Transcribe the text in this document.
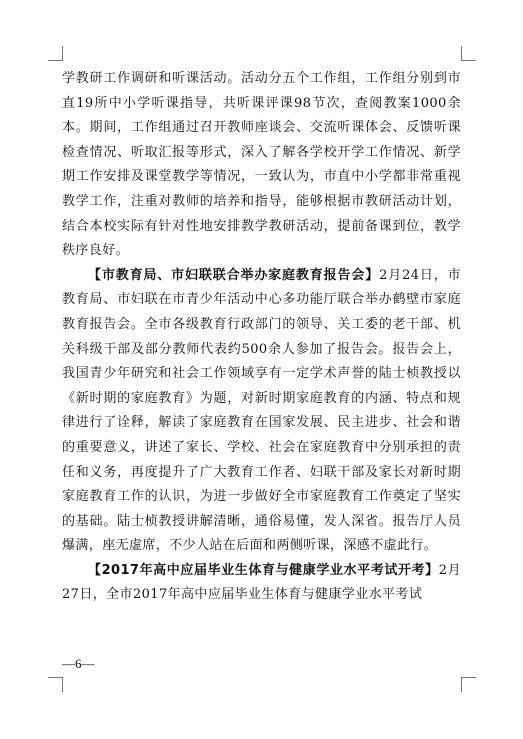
学教研工作调研和听课活动。活动分五个工作组，工作组分别到市直19所中小学听课指导，共听课评课98节次，查阅教案1000余本。期间，工作组通过召开教师座谈会、交流听课体会、反馈听课检查情况、听取汇报等形式，深入了解各学校开学工作情况、新学期工作安排及课堂教学等情况，一致认为，市直中小学都非常重视教学工作，注重对教师的培养和指导，能够根据市教研活动计划，结合本校实际有针对性地安排教学教研活动，提前备课到位，教学秩序良好。

【市教育局、市妇联联合举办家庭教育报告会】2月24日，市教育局、市妇联在市青少年活动中心多功能厅联合举办鹤壁市家庭教育报告会。全市各级教育行政部门的领导、关工委的老干部、机关科级干部及部分教师代表约500余人参加了报告会。报告会上，我国青少年研究和社会工作领域享有一定学术声誉的陆士桢教授以《新时期的家庭教育》为题，对新时期家庭教育的内涵、特点和规律进行了诠释，解读了家庭教育在国家发展、民主进步、社会和谐的重要意义，讲述了家长、学校、社会在家庭教育中分别承担的责任和义务，再度提升了广大教育工作者、妇联干部及家长对新时期家庭教育工作的认识，为进一步做好全市家庭教育工作奠定了坚实的基础。陆士桢教授讲解清晰，通俗易懂，发人深省。报告厅人员爆满，座无虚席，不少人站在后面和两侧听课，深感不虚此行。

【2017年高中应届毕业生体育与健康学业水平考试开考】2月27日，全市2017年高中应届毕业生体育与健康学业水平考试

—6—
